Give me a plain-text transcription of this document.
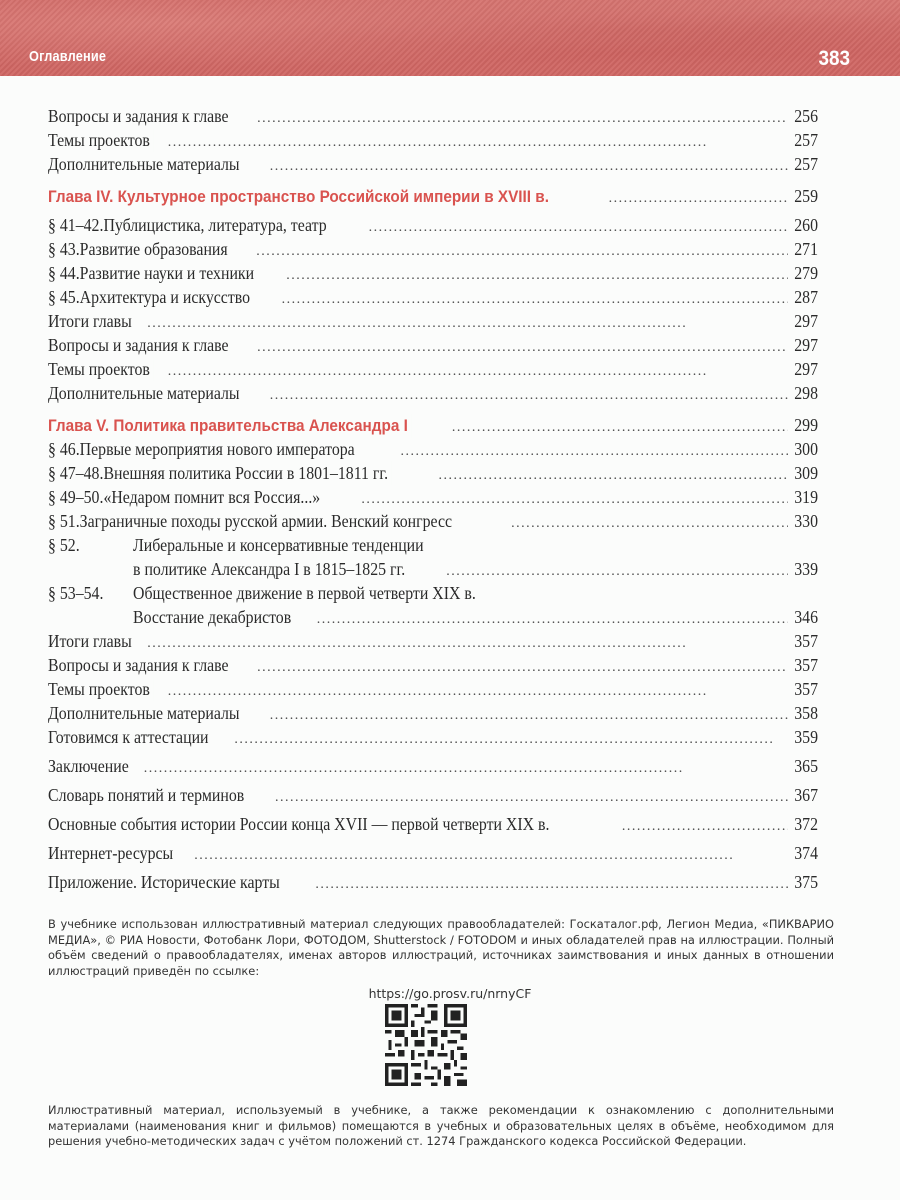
Оглавление	383
Вопросы и задания к главе . . .	256
Темы проектов . . .	257
Дополнительные материалы . . .	257
Глава IV. Культурное пространство Российской империи в XVIII в. . . .	259
§ 41–42.Публицистика, литература, театр . . .	260
§ 43.Развитие образования . . .	271
§ 44.Развитие науки и техники . . .	279
§ 45.Архитектура и искусство . . .	287
Итоги главы . . .	297
Вопросы и задания к главе . . .	297
Темы проектов . . .	297
Дополнительные материалы . . .	298
Глава V. Политика правительства Александра I . . .	299
§ 46.Первые мероприятия нового императора . . .	300
§ 47–48.Внешняя политика России в 1801–1811 гг. . . .	309
§ 49–50.«Недаром помнит вся Россия...» . . .	319
§ 51.Заграничные походы русской армии. Венский конгресс . . .	330
§ 52.	Либеральные и консервативные тенденции
в политике Александра I в 1815–1825 гг. . . .	339
§ 53–54.	Общественное движение в первой четверти XIX в.
Восстание декабристов . . .	346
Итоги главы . . .	357
Вопросы и задания к главе . . .	357
Темы проектов . . .	357
Дополнительные материалы . . .	358
Готовимся к аттестации . . .	359
Заключение . . .	365
Словарь понятий и терминов . . .	367
Основные события истории России конца XVII — первой четверти XIX в. . . .	372
Интернет-ресурсы . . .	374
Приложение. Исторические карты . . .	375
В учебнике использован иллюстративный материал следующих правообладателей: Госкаталог.рф, Легион Медиа, «ПИКВАРИО МЕДИА», © РИА Новости, Фотобанк Лори, ФОТОДОМ, Shutterstock / FOTODOM и иных обладателей прав на иллюстрации. Полный объём сведений о правообладателях, именах авторов иллюстраций, источниках заимствования и иных данных в отношении иллюстраций приведён по ссылке:
https://go.prosv.ru/nrnyCF
Иллюстративный материал, используемый в учебнике, а также рекомендации к ознакомлению с дополнительными материалами (наименования книг и фильмов) помещаются в учебных и образовательных целях в объёме, необходимом для решения учебно-методических задач с учётом положений ст. 1274 Гражданского кодекса Российской Федерации.
